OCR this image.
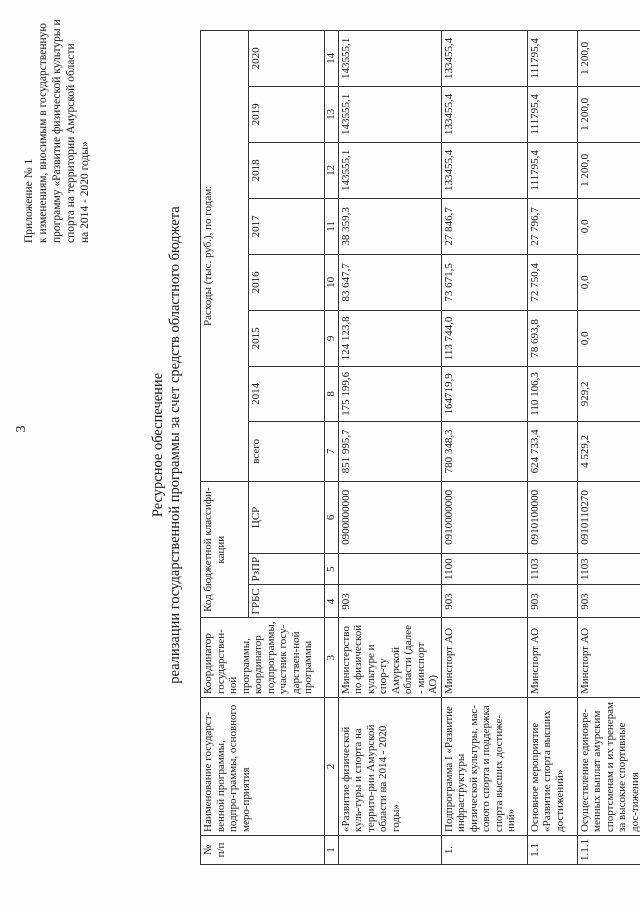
3
Приложение № 1 к изменениям, вносимым в государственную программу «Развитие физической культуры и спорта на территории Амурской области на 2014 - 2020 годы»
Ресурсное обеспечение реализации государственной программы за счет средств областного бюджета
№ п/п	Наименование государст-венной программы, подпро-граммы, основного меро-приятия	Координатор государствен-ной программы, координатор подпрограммы, участник госу-дарствен-ной программы	Код бюджетной классифи-кации			Расходы (тыс. руб.), по годам:							
			ГРБС	РзПР	ЦСР	всего	2014	2015	2016	2017	2018	2019	2020
1	2	3	4	5	6	7	8	9	10	11	12	13	14
	«Развитие физической куль-туры и спорта на террито-рии Амурской области на 2014 - 2020 годы»	Министерство по физической культуре и спор-ту Амурской области (далее - минспорт АО)	903		0900000000	851 995,7	175 199,6	124 123,8	83 647,7	38 359,3	143555,1	143555,1	143555,1
1.	Подпрограмма I «Развитие инфраструктуры физической культуры, мас-сового спорта и поддержка спорта высших достиже-ний»	Минспорт АО	903	1100	0910000000	780 348,3	164719,9	113 744,0	73 671,5	27 846,7	133455,4	133455,4	133455,4
1.1	Основное мероприятие «Развитие спорта высших достижений»	Минспорт АО	903	1103	0910100000	624 733,4	110 106,3	78 693,8	72 750,4	27 796,7	111795,4	111795,4	111795,4
1.1.1	Осуществление единовре-менных выплат амурским спортсменам и их тренерам за высокие спортивные дос-тижения	Минспорт АО	903	1103	0910110270	4 529,2	929,2	0,0	0,0	0,0	1 200,0	1 200,0	1 200,0
